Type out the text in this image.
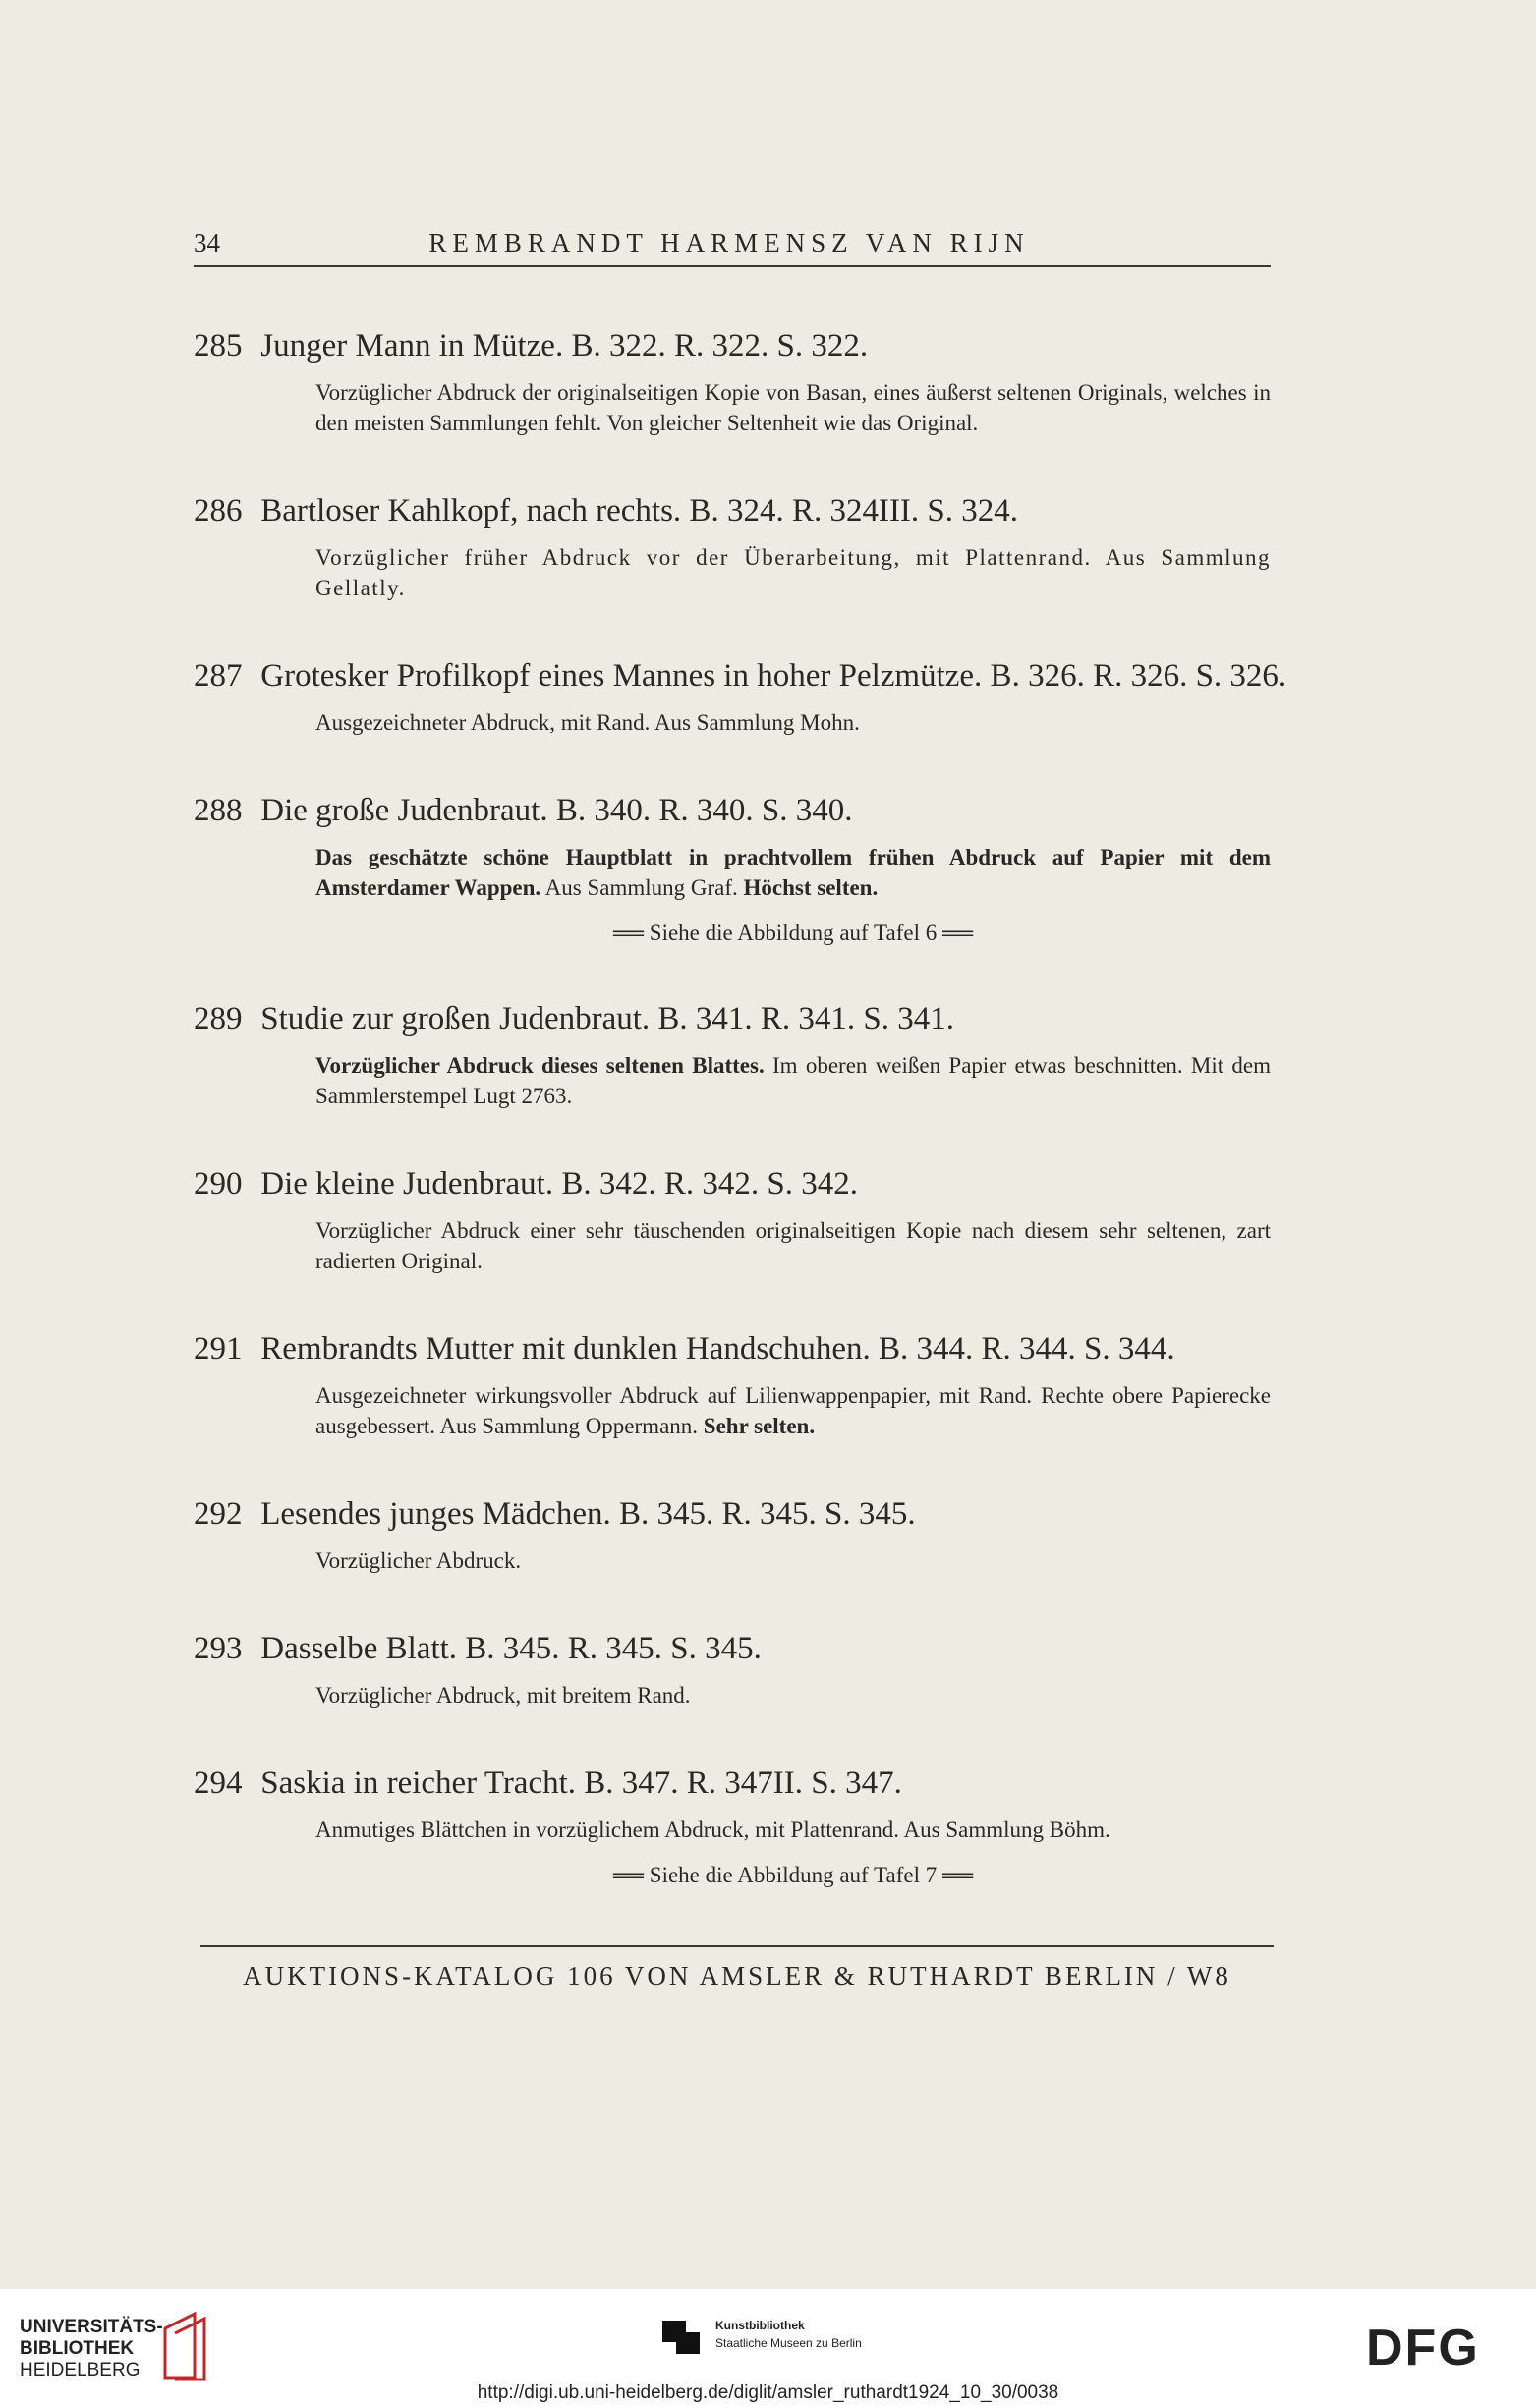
34	REMBRANDT HARMENSZ VAN RIJN
285 Junger Mann in Mütze. B. 322. R. 322. S. 322.
Vorzüglicher Abdruck der originalseitigen Kopie von Basan, eines äußerst seltenen Originals, welches in den meisten Sammlungen fehlt. Von gleicher Seltenheit wie das Original.
286 Bartloser Kahlkopf, nach rechts. B. 324. R. 324III. S. 324.
Vorzüglicher früher Abdruck vor der Überarbeitung, mit Plattenrand. Aus Sammlung Gellatly.
287 Grotesker Profilkopf eines Mannes in hoher Pelzmütze. B. 326. R. 326. S. 326.
Ausgezeichneter Abdruck, mit Rand. Aus Sammlung Mohn.
288 Die große Judenbraut. B. 340. R. 340. S. 340.
Das geschätzte schöne Hauptblatt in prachtvollem frühen Abdruck auf Papier mit dem Amsterdamer Wappen. Aus Sammlung Graf. Höchst selten.
══ Siehe die Abbildung auf Tafel 6 ══
289 Studie zur großen Judenbraut. B. 341. R. 341. S. 341.
Vorzüglicher Abdruck dieses seltenen Blattes. Im oberen weißen Papier etwas beschnitten. Mit dem Sammlerstempel Lugt 2763.
290 Die kleine Judenbraut. B. 342. R. 342. S. 342.
Vorzüglicher Abdruck einer sehr täuschenden originalseitigen Kopie nach diesem sehr seltenen, zart radierten Original.
291 Rembrandts Mutter mit dunklen Handschuhen. B. 344. R. 344. S. 344.
Ausgezeichneter wirkungsvoller Abdruck auf Lilienwappenpapier, mit Rand. Rechte obere Papierecke ausgebessert. Aus Sammlung Oppermann. Sehr selten.
292 Lesendes junges Mädchen. B. 345. R. 345. S. 345.
Vorzüglicher Abdruck.
293 Dasselbe Blatt. B. 345. R. 345. S. 345.
Vorzüglicher Abdruck, mit breitem Rand.
294 Saskia in reicher Tracht. B. 347. R. 347II. S. 347.
Anmutiges Blättchen in vorzüglichem Abdruck, mit Plattenrand. Aus Sammlung Böhm.
══ Siehe die Abbildung auf Tafel 7 ══
AUKTIONS-KATALOG 106 VON AMSLER & RUTHARDT BERLIN / W8
UNIVERSITÄTS-
BIBLIOTHEK
HEIDELBERG
Kunstbibliothek
Staatliche Museen zu Berlin	DFG
http://digi.ub.uni-heidelberg.de/diglit/amsler_ruthardt1924_10_30/0038
